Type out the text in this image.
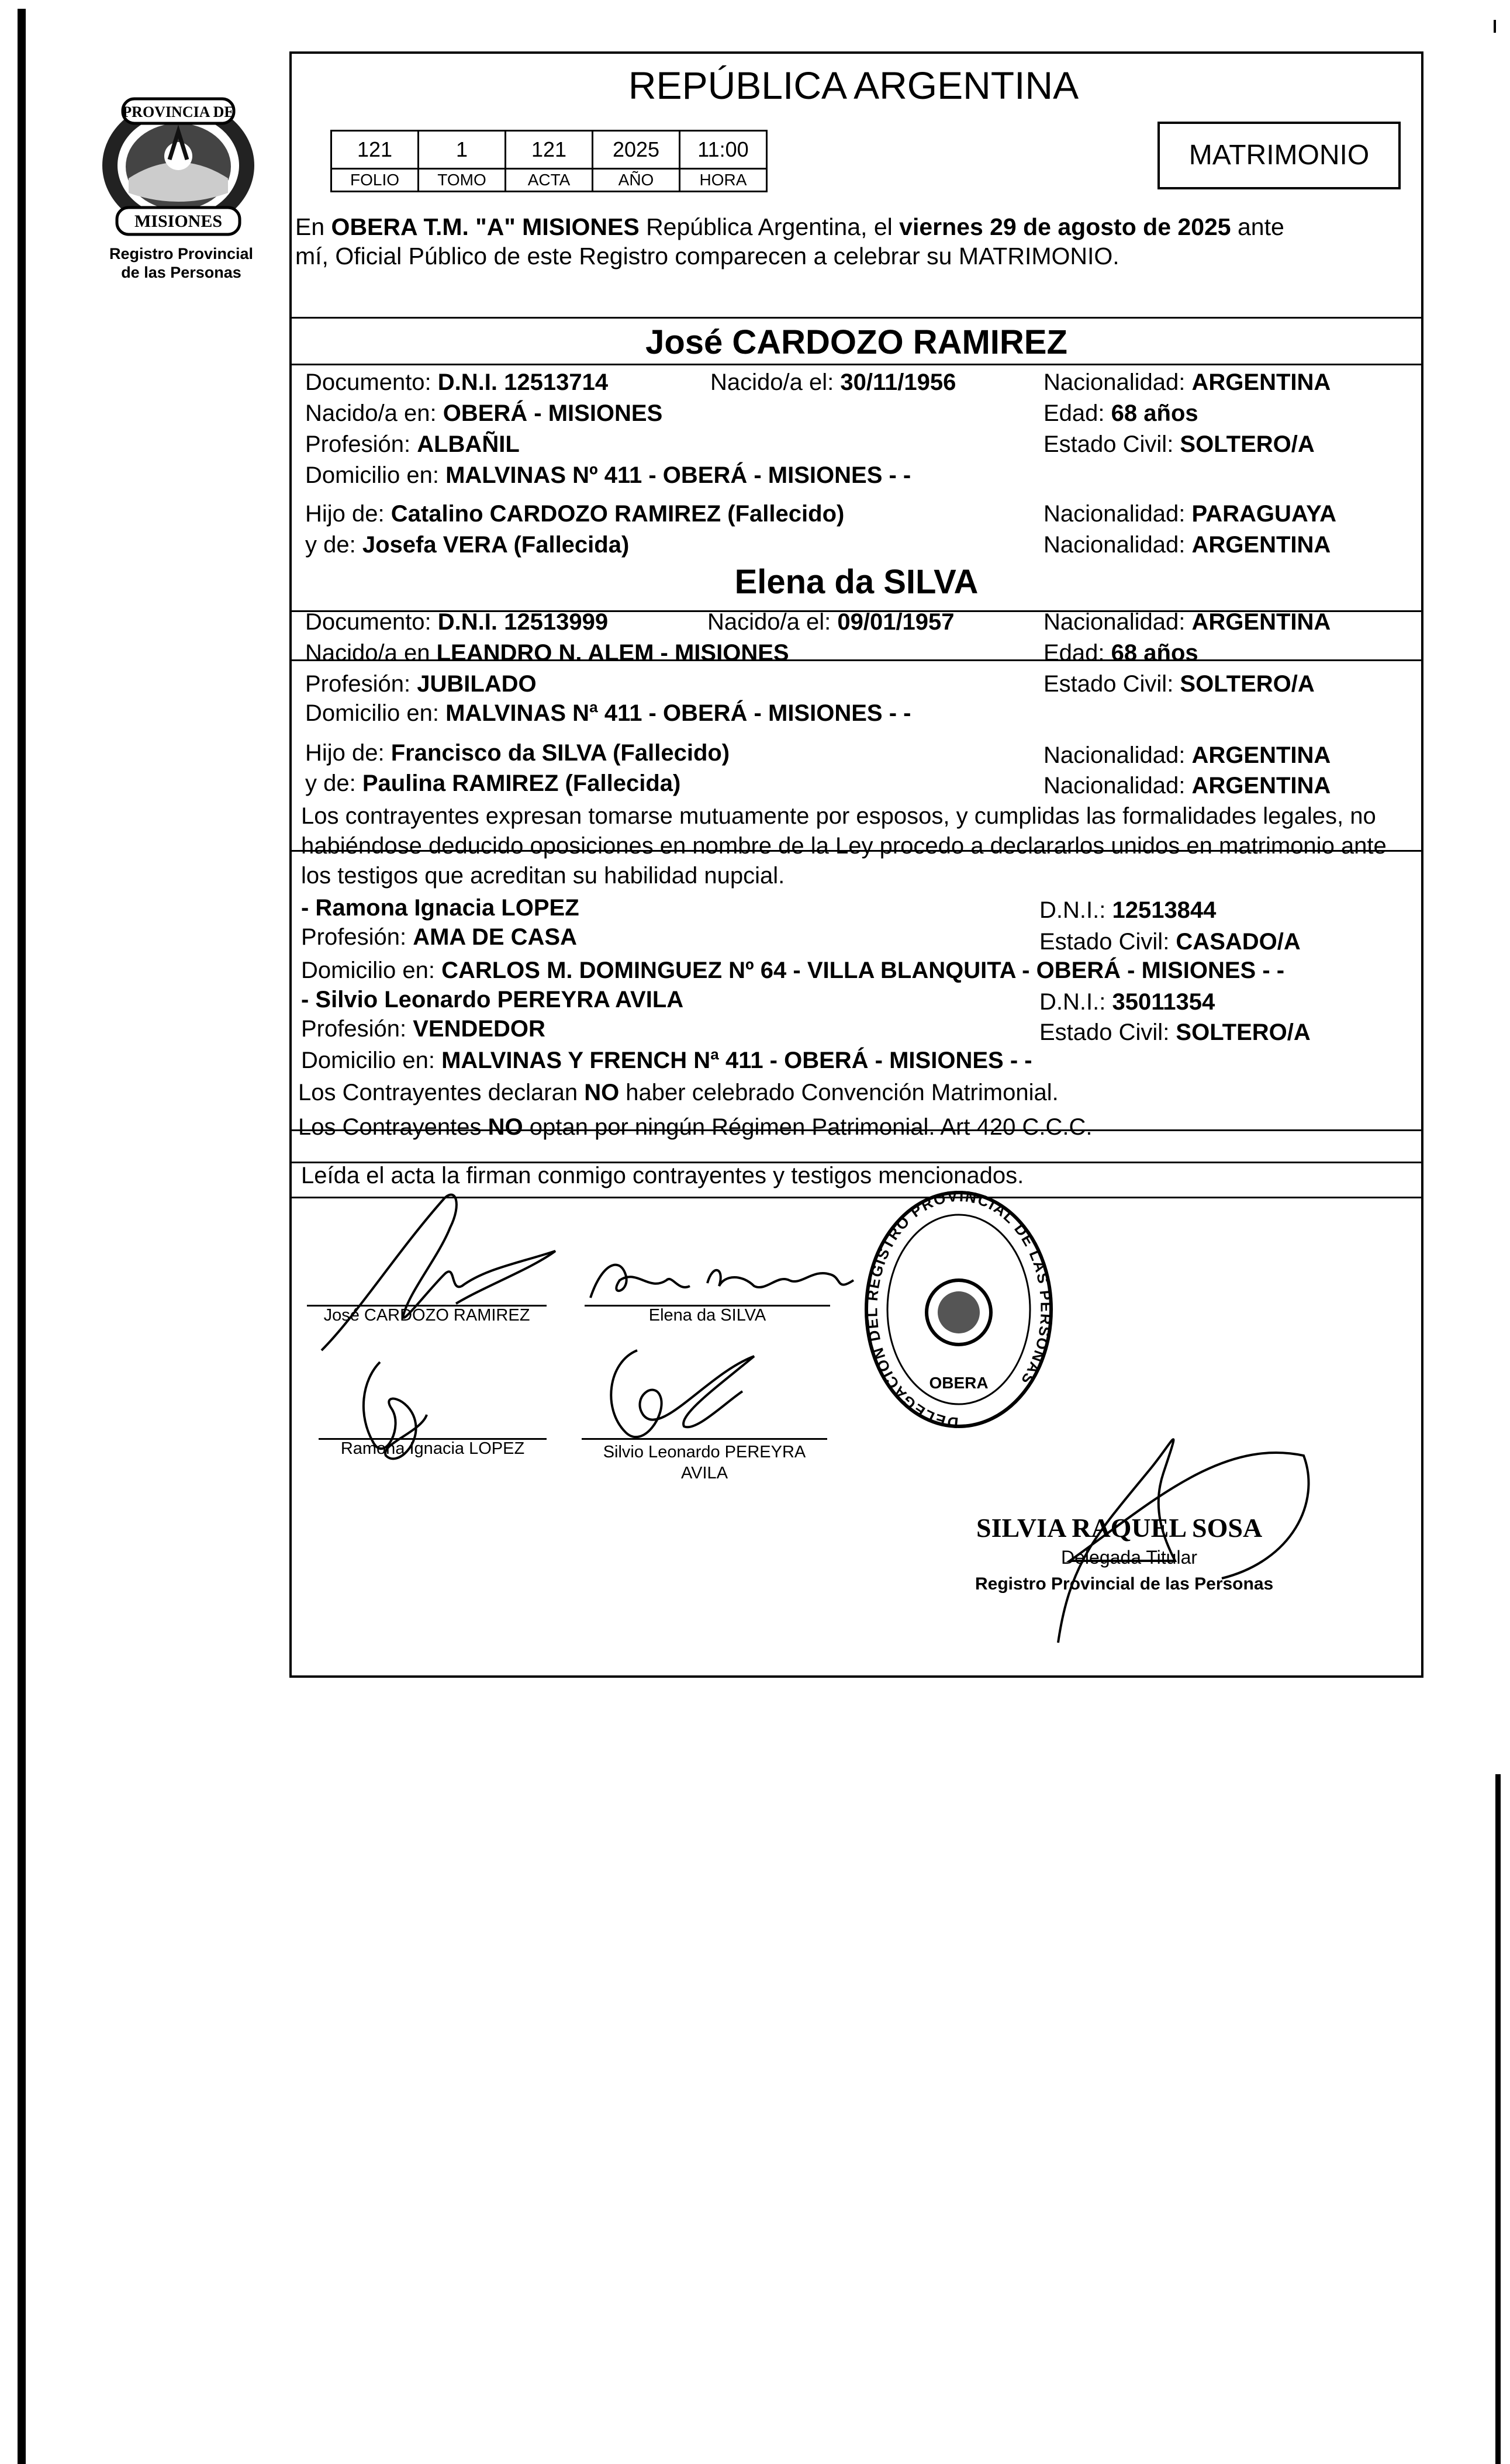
PROVINCIA DE
MISIONES
Registro Provincial
de las Personas
REPÚBLICA ARGENTINA
121	1	121	2025	11:00
FOLIO	TOMO	ACTA	AÑO	HORA
MATRIMONIO
En OBERA T.M. "A" MISIONES República Argentina, el viernes 29 de agosto de 2025 ante
mí, Oficial Público de este Registro comparecen a celebrar su MATRIMONIO.
José CARDOZO RAMIREZ
Documento: D.N.I. 12513714	Nacido/a el: 30/11/1956	Nacionalidad: ARGENTINA
Nacido/a en: OBERÁ - MISIONES	Edad: 68 años
Profesión: ALBAÑIL	Estado Civil: SOLTERO/A
Domicilio en: MALVINAS Nº 411 - OBERÁ - MISIONES - -
Hijo de: Catalino CARDOZO RAMIREZ (Fallecido)	Nacionalidad: PARAGUAYA
y de: Josefa VERA (Fallecida)	Nacionalidad: ARGENTINA
Elena da SILVA
Documento: D.N.I. 12513999	Nacido/a el: 09/01/1957	Nacionalidad: ARGENTINA
Nacido/a en LEANDRO N. ALEM - MISIONES	Edad: 68 años
Profesión: JUBILADO	Estado Civil: SOLTERO/A
Domicilio en: MALVINAS Nª 411 - OBERÁ - MISIONES - -
Hijo de: Francisco da SILVA (Fallecido)	Nacionalidad: ARGENTINA
y de: Paulina RAMIREZ (Fallecida)	Nacionalidad: ARGENTINA
Los contrayentes expresan tomarse mutuamente por esposos, y cumplidas las formalidades legales, no
habiéndose deducido oposiciones en nombre de la Ley procedo a declararlos unidos en matrimonio ante
los testigos que acreditan su habilidad nupcial.
- Ramona Ignacia LOPEZ	D.N.I.: 12513844
Profesión: AMA DE CASA	Estado Civil: CASADO/A
Domicilio en: CARLOS M. DOMINGUEZ Nº 64 - VILLA BLANQUITA - OBERÁ - MISIONES - -
- Silvio Leonardo PEREYRA AVILA	D.N.I.: 35011354
Profesión: VENDEDOR	Estado Civil: SOLTERO/A
Domicilio en: MALVINAS Y FRENCH Nª 411 - OBERÁ - MISIONES - -
Los Contrayentes declaran NO haber celebrado Convención Matrimonial.
Los Contrayentes NO optan por ningún Régimen Patrimonial. Art 420 C.C.C.
Leída el acta la firman conmigo contrayentes y testigos mencionados.
José CARDOZO RAMIREZ	Elena da SILVA
Ramona Ignacia LOPEZ	Silvio Leonardo PEREYRA
AVILA
DELEGACION DEL REGISTRO PROVINCIAL DE LAS PERSONAS
OBERA
SILVIA RAQUEL SOSA
Delegada Titular
Registro Provincial de las Personas
